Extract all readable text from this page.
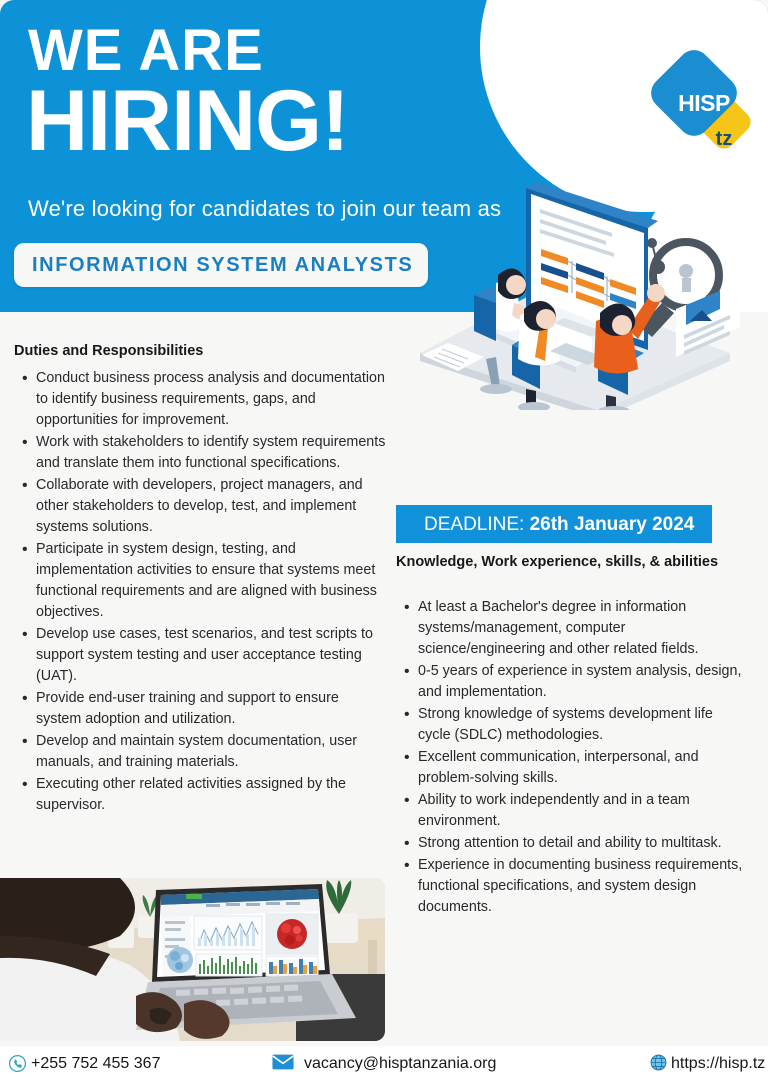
WE ARE
HIRING!
We're looking for candidates to join our team as
INFORMATION SYSTEM ANALYSTS
HISP
tz
Duties and Responsibilities
• Conduct business process analysis and documentation to identify business requirements, gaps, and opportunities for improvement.
• Work with stakeholders to identify system requirements and translate them into functional specifications.
• Collaborate with developers, project managers, and other stakeholders to develop, test, and implement systems solutions.
• Participate in system design, testing, and implementation activities to ensure that systems meet functional requirements and are aligned with business objectives.
• Develop use cases, test scenarios, and test scripts to support system testing and user acceptance testing (UAT).
• Provide end-user training and support to ensure system adoption and utilization.
• Develop and maintain system documentation, user manuals, and training materials.
• Executing other related activities assigned by the supervisor.
DEADLINE: 26th January 2024
Knowledge, Work experience, skills, & abilities
• At least a Bachelor's degree in information systems/management, computer science/engineering and other related fields.
• 0-5 years of experience in system analysis, design, and implementation.
• Strong knowledge of systems development life cycle (SDLC) methodologies.
• Excellent communication, interpersonal, and problem-solving skills.
• Ability to work independently and in a team environment.
• Strong attention to detail and ability to multitask.
• Experience in documenting business requirements, functional specifications, and system design documents.
+255 752 455 367	vacancy@hisptanzania.org	https://hisp.tz
